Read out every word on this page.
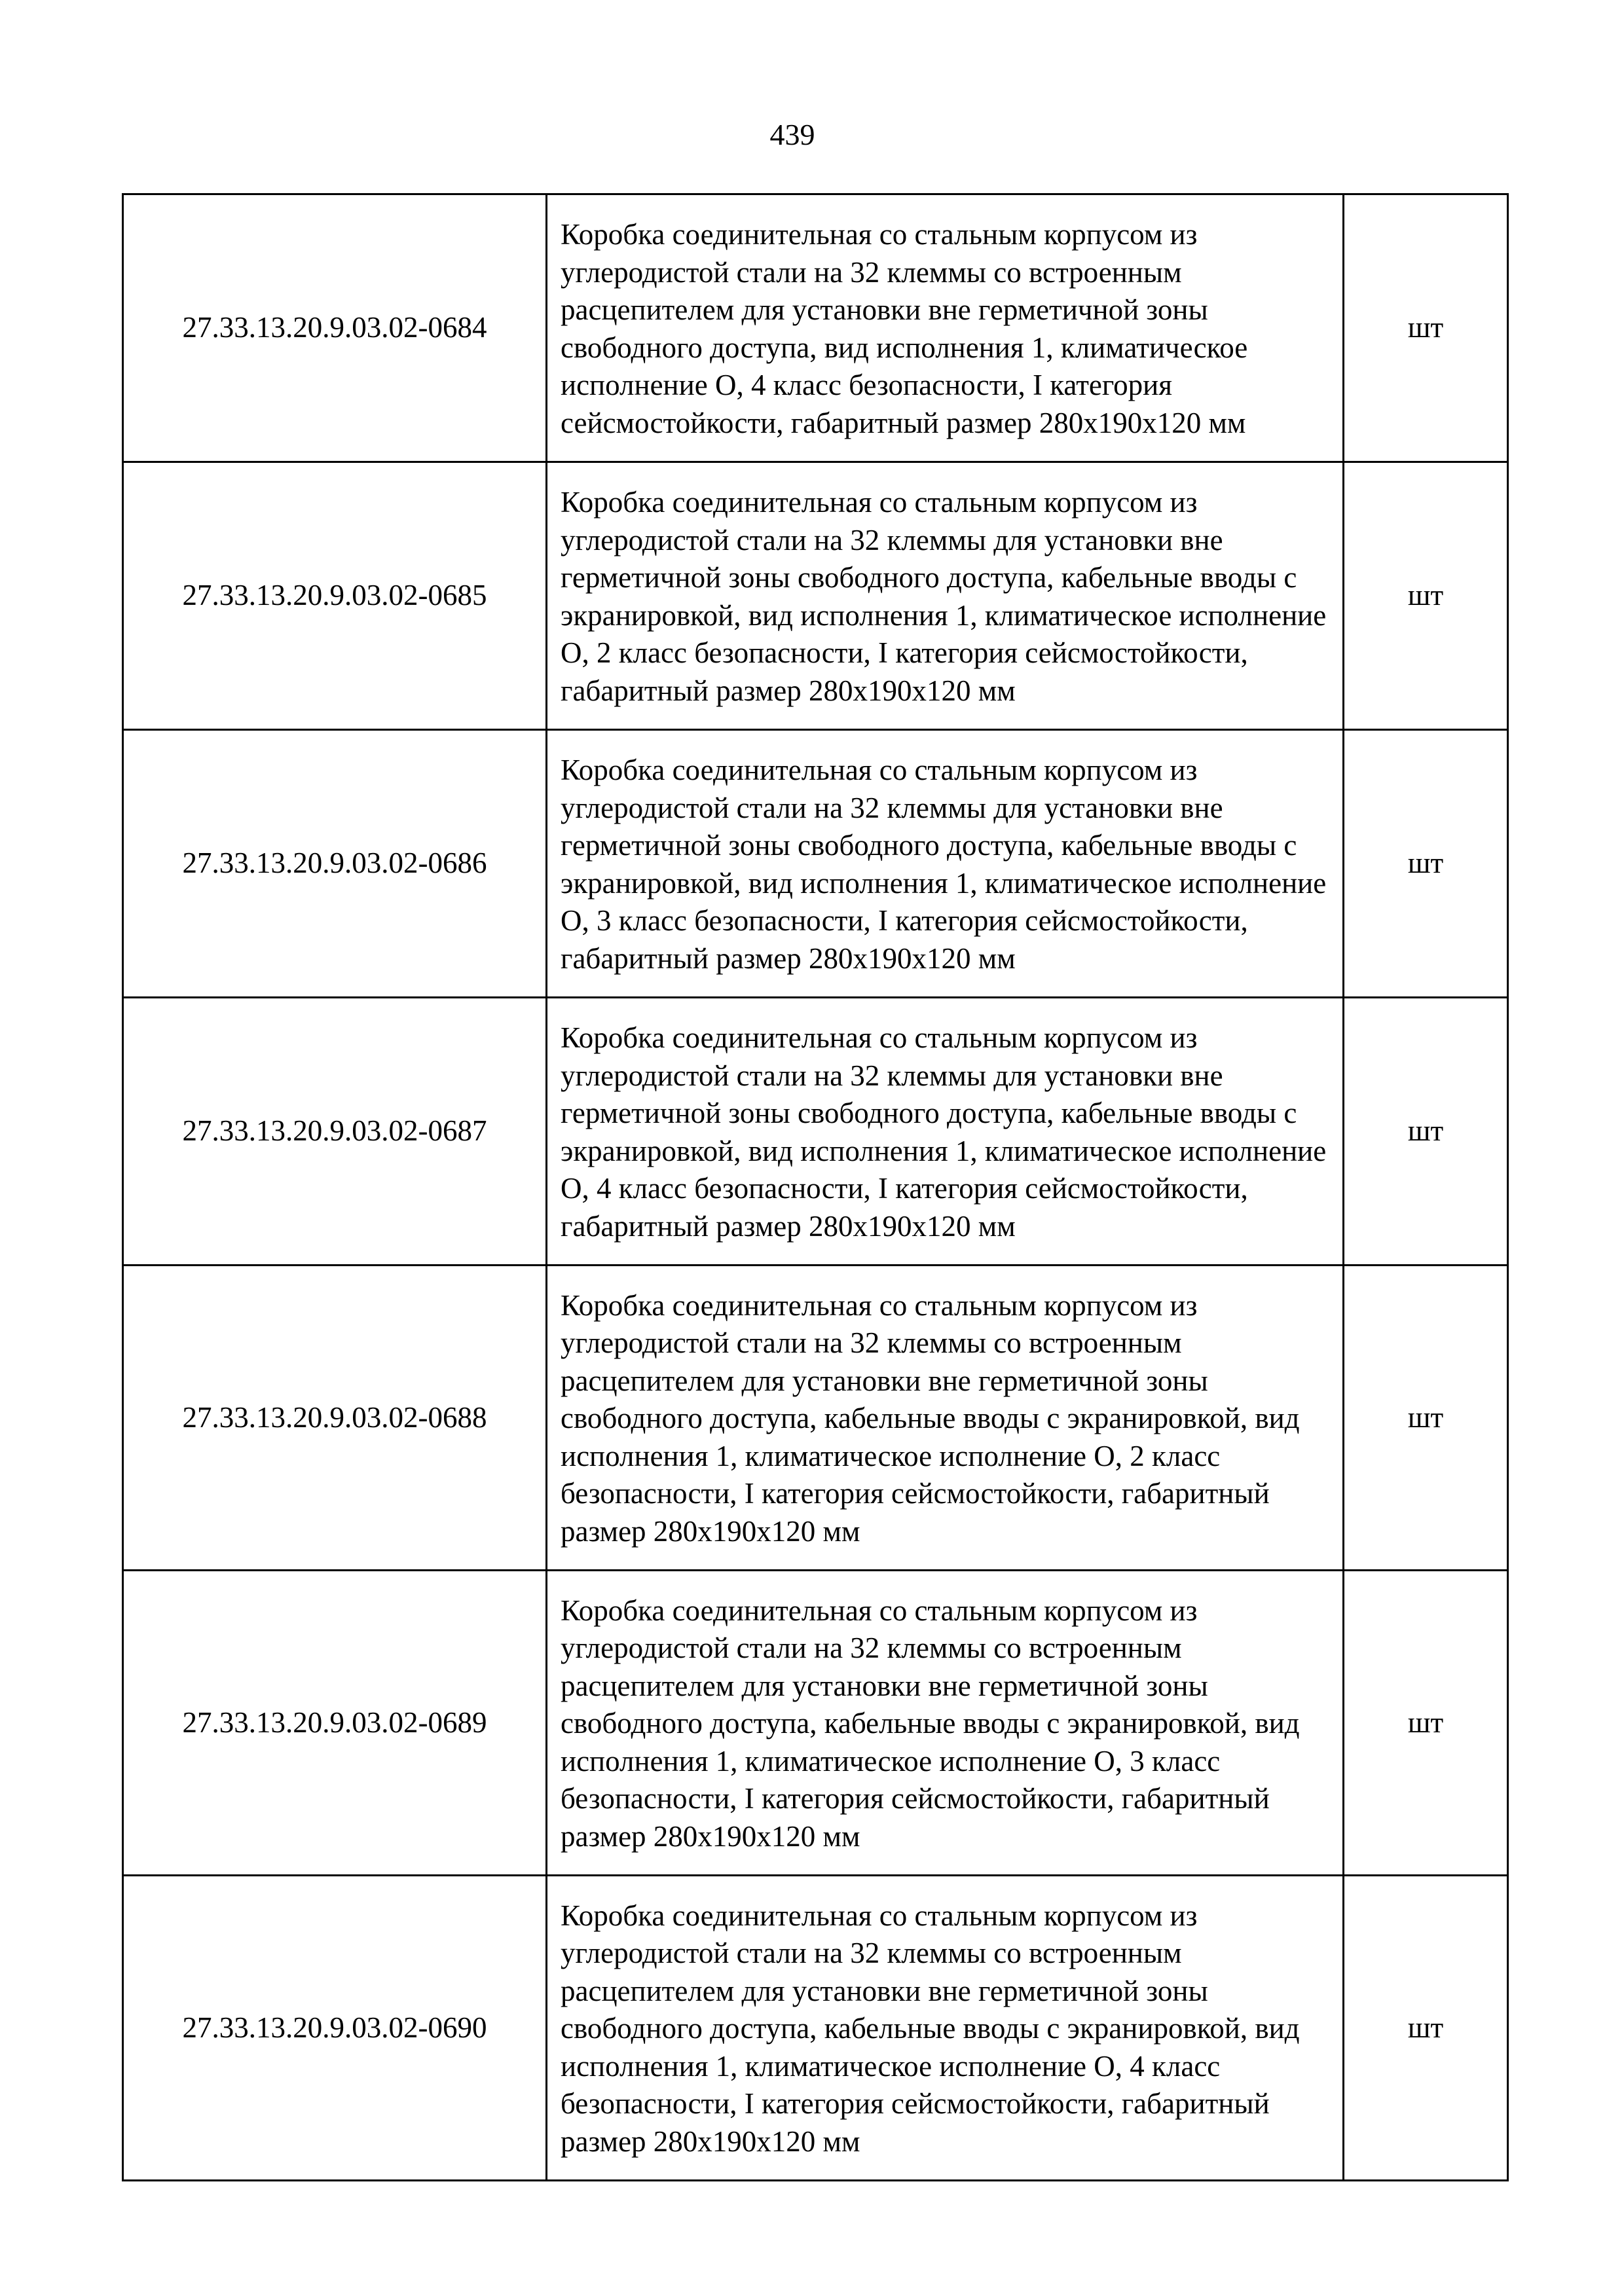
439
27.33.13.20.9.03.02-0684	Коробка соединительная со стальным корпусом из углеродистой стали на 32 клеммы со встроенным расцепителем для установки вне герметичной зоны свободного доступа, вид исполнения 1, климатическое исполнение О, 4 класс безопасности, I категория сейсмостойкости, габаритный размер 280х190х120 мм	шт
27.33.13.20.9.03.02-0685	Коробка соединительная со стальным корпусом из углеродистой стали на 32 клеммы для установки вне герметичной зоны свободного доступа, кабельные вводы с экранировкой, вид исполнения 1, климатическое исполнение О, 2 класс безопасности, I категория сейсмостойкости, габаритный размер 280х190х120 мм	шт
27.33.13.20.9.03.02-0686	Коробка соединительная со стальным корпусом из углеродистой стали на 32 клеммы для установки вне герметичной зоны свободного доступа, кабельные вводы с экранировкой, вид исполнения 1, климатическое исполнение О, 3 класс безопасности, I категория сейсмостойкости, габаритный размер 280х190х120 мм	шт
27.33.13.20.9.03.02-0687	Коробка соединительная со стальным корпусом из углеродистой стали на 32 клеммы для установки вне герметичной зоны свободного доступа, кабельные вводы с экранировкой, вид исполнения 1, климатическое исполнение О, 4 класс безопасности, I категория сейсмостойкости, габаритный размер 280х190х120 мм	шт
27.33.13.20.9.03.02-0688	Коробка соединительная со стальным корпусом из углеродистой стали на 32 клеммы со встроенным расцепителем для установки вне герметичной зоны свободного доступа, кабельные вводы с экранировкой, вид исполнения 1, климатическое исполнение О, 2 класс безопасности, I категория сейсмостойкости, габаритный размер 280х190х120 мм	шт
27.33.13.20.9.03.02-0689	Коробка соединительная со стальным корпусом из углеродистой стали на 32 клеммы со встроенным расцепителем для установки вне герметичной зоны свободного доступа, кабельные вводы с экранировкой, вид исполнения 1, климатическое исполнение О, 3 класс безопасности, I категория сейсмостойкости, габаритный размер 280х190х120 мм	шт
27.33.13.20.9.03.02-0690	Коробка соединительная со стальным корпусом из углеродистой стали на 32 клеммы со встроенным расцепителем для установки вне герметичной зоны свободного доступа, кабельные вводы с экранировкой, вид исполнения 1, климатическое исполнение О, 4 класс безопасности, I категория сейсмостойкости, габаритный размер 280х190х120 мм	шт
